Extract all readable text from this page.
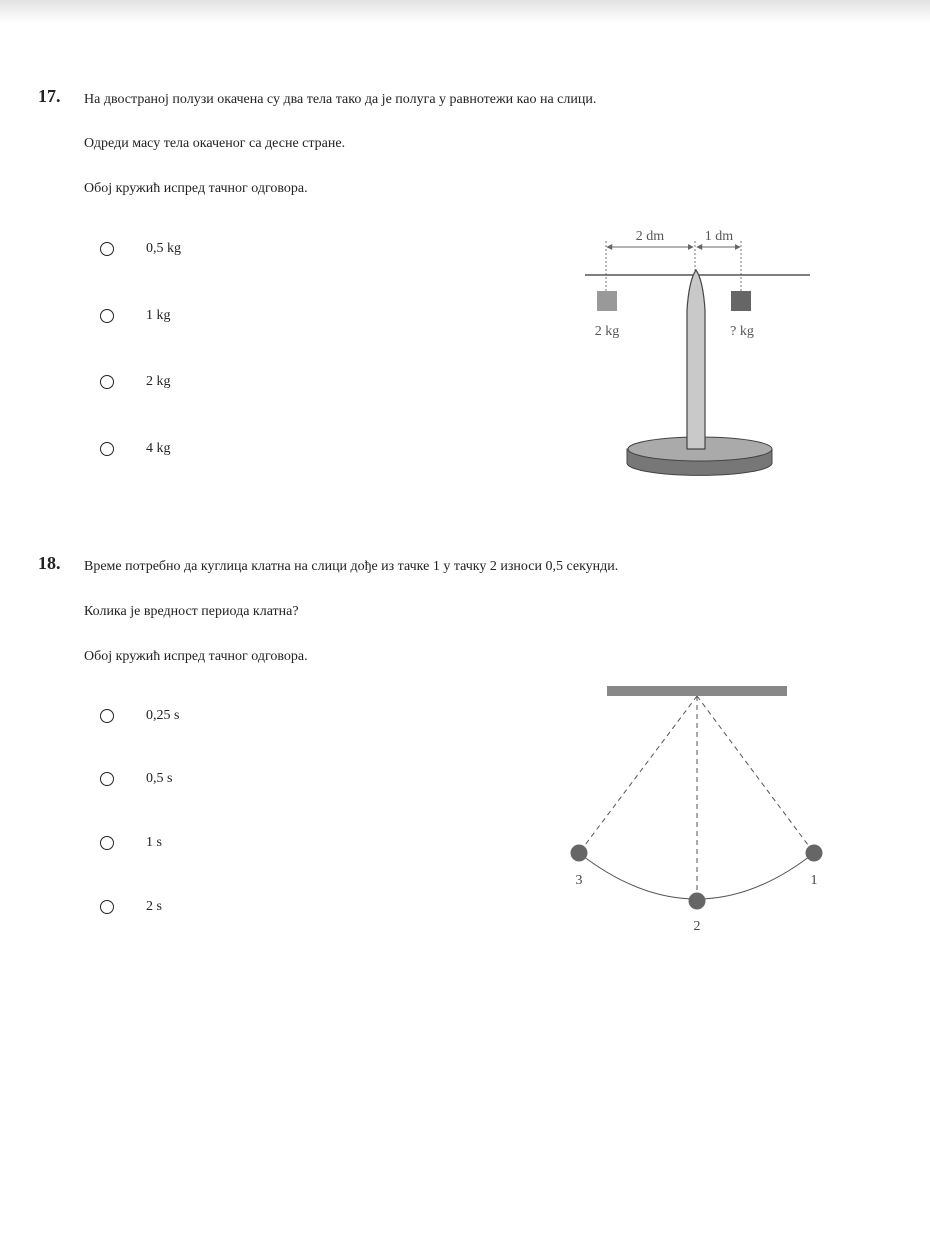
17. На двостраној полузи окачена су два тела тако да је полуга у равнотежи као на слици.
Одреди масу тела окаченог са десне стране.
Обој кружић испред тачног одговора.
0,5 kg
1 kg
2 kg
4 kg
2 dm	1 dm
2 kg	? kg
18. Време потребно да куглица клатна на слици дође из тачке 1 у тачку 2 износи 0,5 секунди.
Колика је вредност периода клатна?
Обој кружић испред тачног одговора.
0,25 s
0,5 s
1 s
2 s
3
2
1
